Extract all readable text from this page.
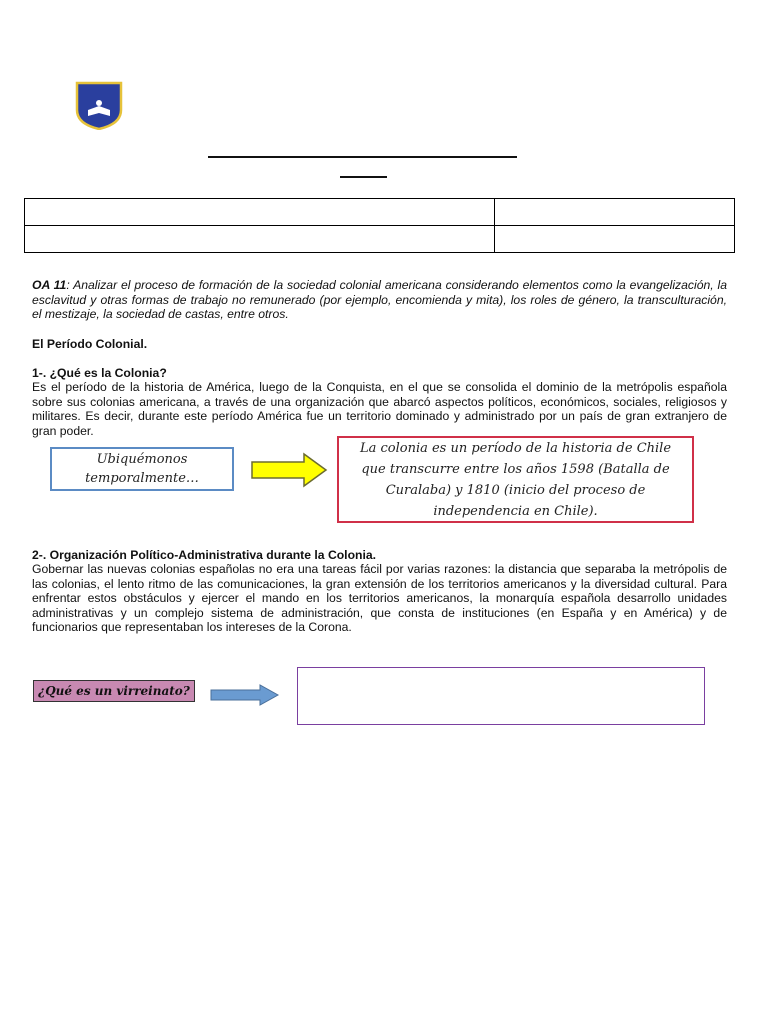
OA 11: Analizar el proceso de formación de la sociedad colonial americana considerando elementos como la evangelización, la esclavitud y otras formas de trabajo no remunerado (por ejemplo, encomienda y mita), los roles de género, la transculturación, el mestizaje, la sociedad de castas, entre otros.
El Período Colonial.
1-. ¿Qué es la Colonia?
Es el período de la historia de América, luego de la Conquista, en el que se consolida el dominio de la metrópolis española sobre sus colonias americana, a través de una organización que abarcó aspectos políticos, económicos, sociales, religiosos y militares. Es decir, durante este período América fue un territorio dominado y administrado por un país de gran extranjero de gran poder.
Ubiquémonos temporalmente…
La colonia es un período de la historia de Chile que transcurre entre los años 1598 (Batalla de Curalaba) y 1810 (inicio del proceso de independencia en Chile).
2-. Organización Político-Administrativa durante la Colonia.
Gobernar las nuevas colonias españolas no era una tareas fácil por varias razones: la distancia que separaba la metrópolis de las colonias, el lento ritmo de las comunicaciones, la gran extensión de los territorios americanos y la diversidad cultural. Para enfrentar estos obstáculos y ejercer el mando en los territorios americanos, la monarquía española desarrollo unidades administrativas y un complejo sistema de administración, que consta de instituciones (en España y en América) y de funcionarios que representaban los intereses de la Corona.
¿Qué es un virreinato?
